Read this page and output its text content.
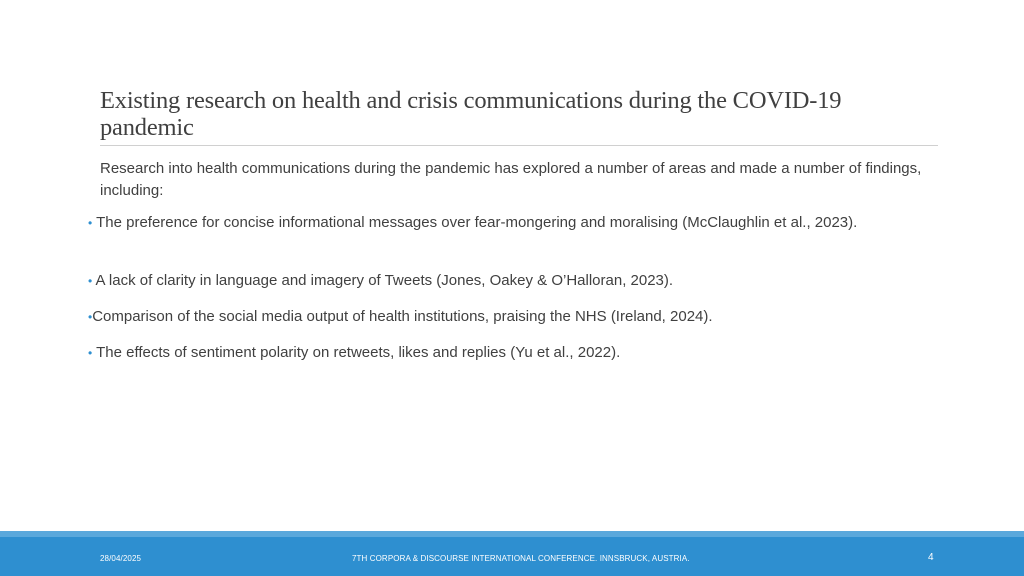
Existing research on health and crisis communications during the COVID-19 pandemic

Research into health communications during the pandemic has explored a number of areas and made a number of findings, including:

• The preference for concise informational messages over fear-mongering and moralising (McClaughlin et al., 2023).
• A lack of clarity in language and imagery of Tweets (Jones, Oakey & O’Halloran, 2023).
•Comparison of the social media output of health institutions, praising the NHS (Ireland, 2024).
• The effects of sentiment polarity on retweets, likes and replies (Yu et al., 2022).
28/04/2025	7TH CORPORA & DISCOURSE INTERNATIONAL CONFERENCE. INNSBRUCK, AUSTRIA.	4
